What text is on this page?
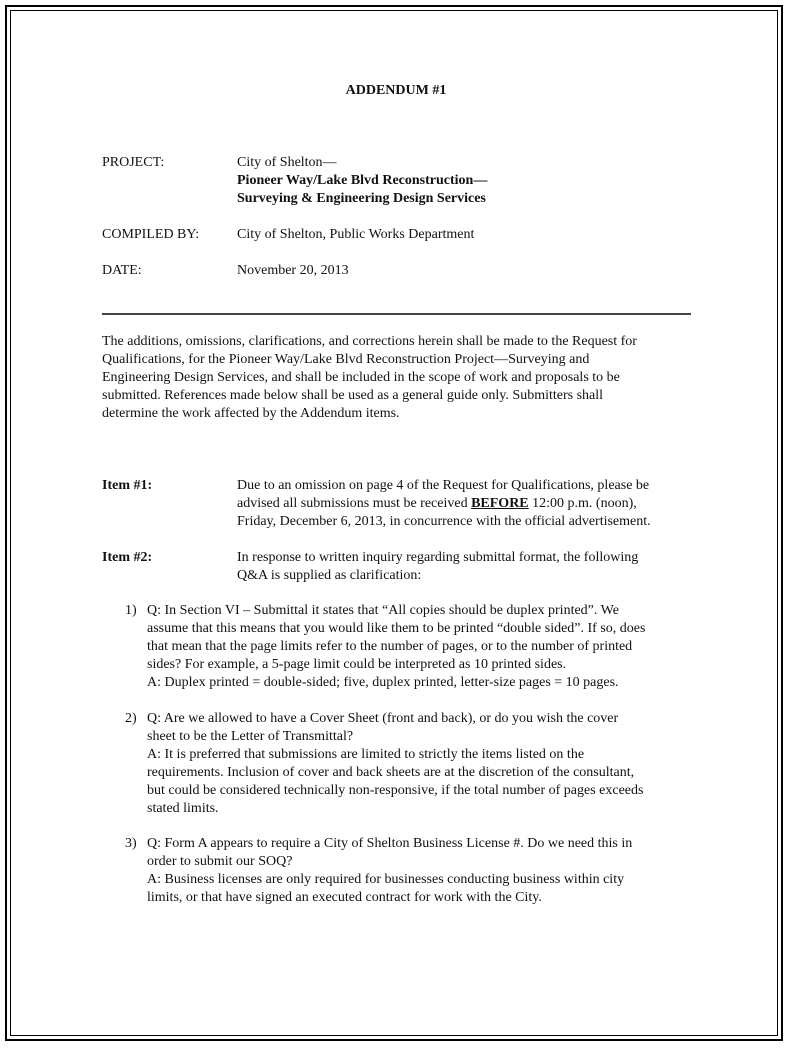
ADDENDUM #1
PROJECT:	City of Shelton—
Pioneer Way/Lake Blvd Reconstruction—
Surveying & Engineering Design Services
COMPILED BY:	City of Shelton, Public Works Department
DATE:	November 20, 2013
The additions, omissions, clarifications, and corrections herein shall be made to the Request for
Qualifications, for the Pioneer Way/Lake Blvd Reconstruction Project—Surveying and
Engineering Design Services, and shall be included in the scope of work and proposals to be
submitted. References made below shall be used as a general guide only. Submitters shall
determine the work affected by the Addendum items.
Item #1:	Due to an omission on page 4 of the Request for Qualifications, please be
advised all submissions must be received BEFORE 12:00 p.m. (noon),
Friday, December 6, 2013, in concurrence with the official advertisement.
Item #2:	In response to written inquiry regarding submittal format, the following
Q&A is supplied as clarification:
1) Q: In Section VI – Submittal it states that “All copies should be duplex printed”. We
assume that this means that you would like them to be printed “double sided”. If so, does
that mean that the page limits refer to the number of pages, or to the number of printed
sides? For example, a 5-page limit could be interpreted as 10 printed sides.
A: Duplex printed = double-sided; five, duplex printed, letter-size pages = 10 pages.
2) Q: Are we allowed to have a Cover Sheet (front and back), or do you wish the cover
sheet to be the Letter of Transmittal?
A: It is preferred that submissions are limited to strictly the items listed on the
requirements. Inclusion of cover and back sheets are at the discretion of the consultant,
but could be considered technically non-responsive, if the total number of pages exceeds
stated limits.
3) Q: Form A appears to require a City of Shelton Business License #. Do we need this in
order to submit our SOQ?
A: Business licenses are only required for businesses conducting business within city
limits, or that have signed an executed contract for work with the City.
